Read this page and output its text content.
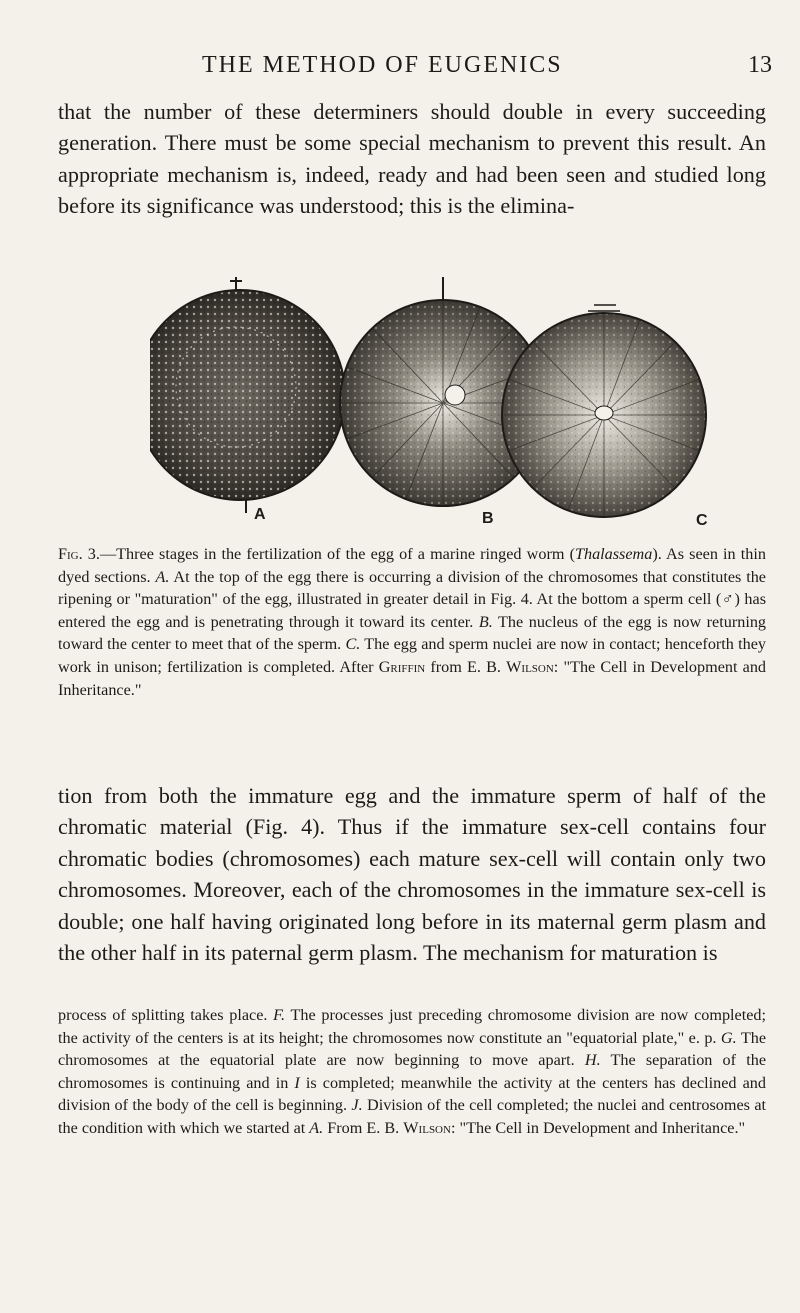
THE METHOD OF EUGENICS	13

that the number of these determiners should double in every succeeding generation. There must be some special mechanism to prevent this result. An appropriate mechanism is, indeed, ready and had been seen and studied long before its significance was understood; this is the elimina-

A	B	C

Fig. 3.—Three stages in the fertilization of the egg of a marine ringed worm (Thalassema). As seen in thin dyed sections. A. At the top of the egg there is occurring a division of the chromosomes that constitutes the ripening or "maturation" of the egg, illustrated in greater detail in Fig. 4. At the bottom a sperm cell (♂) has entered the egg and is penetrating through it toward its center. B. The nucleus of the egg is now returning toward the center to meet that of the sperm. C. The egg and sperm nuclei are now in contact; henceforth they work in unison; fertilization is completed. After Griffin from E. B. Wilson: "The Cell in Development and Inheritance."

tion from both the immature egg and the immature sperm of half of the chromatic material (Fig. 4). Thus if the immature sex-cell contains four chromatic bodies (chromosomes) each mature sex-cell will contain only two chromosomes. Moreover, each of the chromosomes in the immature sex-cell is double; one half having originated long before in its maternal germ plasm and the other half in its paternal germ plasm. The mechanism for maturation is

process of splitting takes place. F. The processes just preceding chromosome division are now completed; the activity of the centers is at its height; the chromosomes now constitute an "equatorial plate," e. p. G. The chromosomes at the equatorial plate are now beginning to move apart. H. The separation of the chromosomes is continuing and in I is completed; meanwhile the activity at the centers has declined and division of the body of the cell is beginning. J. Division of the cell completed; the nuclei and centrosomes at the condition with which we started at A. From E. B. Wilson: "The Cell in Development and Inheritance."
